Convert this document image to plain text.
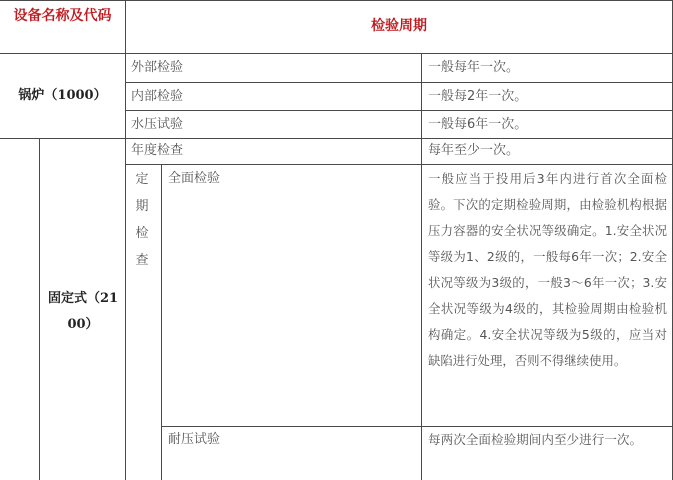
设备名称及代码
检验周期
锅炉（1000）
外部检验	一般每年一次。
内部检验	一般每2年一次。
水压试验	一般每6年一次。
固定式（2100）
年度检查	每年至少一次。
定期检查
全面检验	一般应当于投用后3年内进行首次全面检验。下次的定期检验周期，由检验机构根据压力容器的安全状况等级确定。1.安全状况等级为1、2级的，一般每6年一次；2.安全状况等级为3级的，一般3〜6年一次；3.安全状况等级为4级的，其检验周期由检验机构确定。4.安全状况等级为5级的，应当对缺陷进行处理，否则不得继续使用。
耐压试验	每两次全面检验期间内至少进行一次。
